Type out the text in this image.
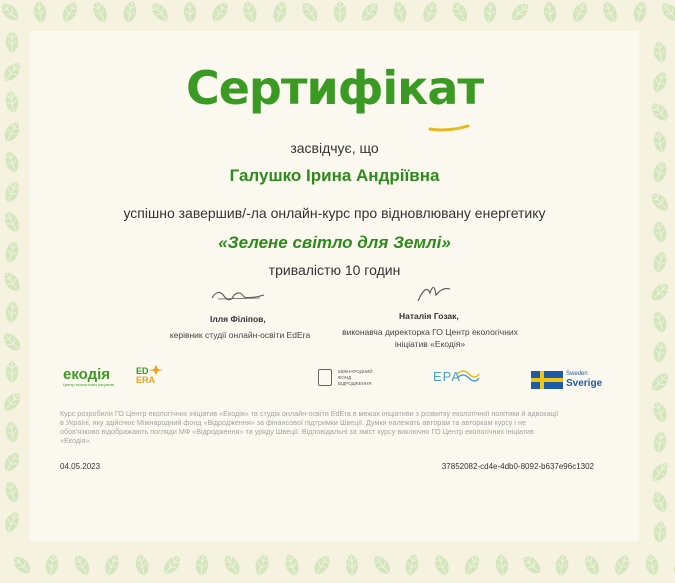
Сертифікат
засвідчує, що
Галушко Ірина Андріївна
успішно завершив/-ла онлайн-курс про відновлювану енергетику
«Зелене світло для Землі»
тривалістю 10 годин
Ілля Філіпов,
керівник студії онлайн-освіти EdEra
Наталія Гозак,
виконавча директорка ГО Центр екологічних
ініціатив «Екодія»
екодія
Центр екологічних ініціатив
ED
ERA
МІЖНАРОДНИЙ
ФОНД
ВІДРОДЖЕННЯ	EPA	Sweden
Sverige
Курс розробили ГО Центр екологічних ініціатив «Екодія» та студія онлайн-освіти EdEra в межах ініціативи з розвитку екологічної політики й адвокації
в Україні, яку здійснює Міжнародний фонд «Відродження» за фінансової підтримки Швеції. Думки належать авторам та авторкам курсу і не
обов'язково відображають погляди МФ «Відродження» та уряду Швеції. Відповідальні за зміст курсу виключно ГО Центр екологічних ініціатив
«Екодія».
04.05.2023	37852082-cd4e-4db0-8092-b637e96c1302
